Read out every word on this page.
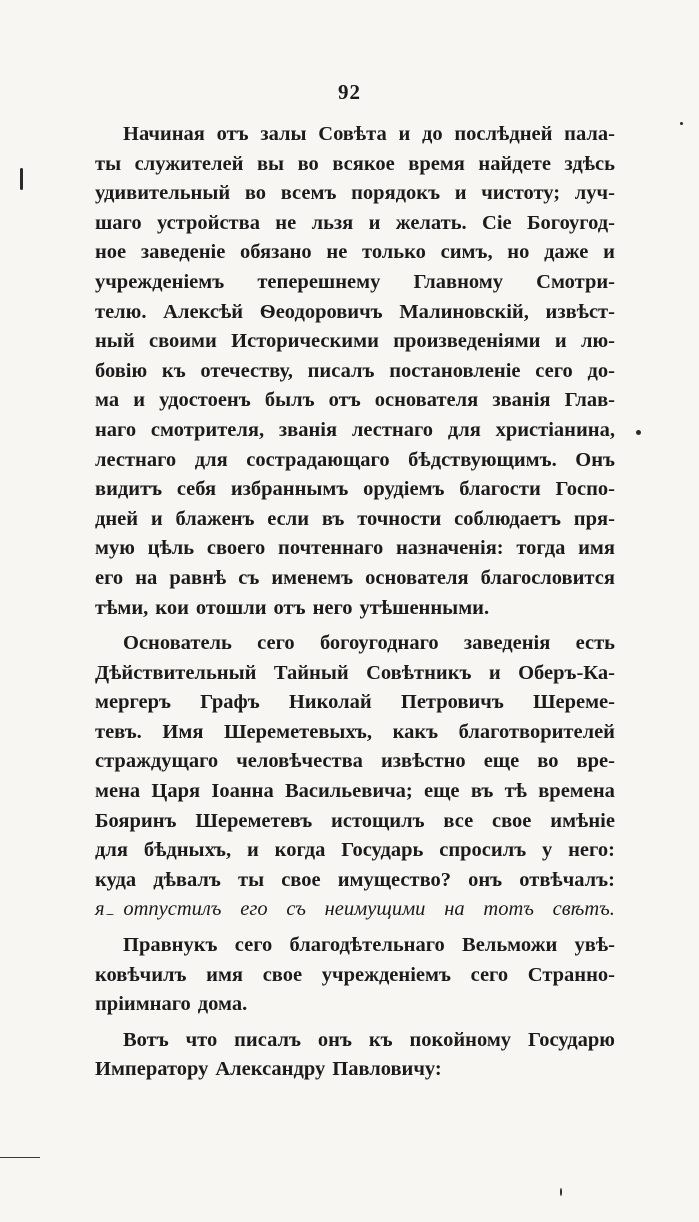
92
Начиная отъ залы Совѣта и до послѣдней пала-
ты служителей вы во всякое время найдете здѣсь
удивительный во всемъ порядокъ и чистоту; луч-
шаго устройства не льзя и желать. Сіе Богоугод-
ное заведеніе обязано не только симъ, но даже и
учрежденіемъ теперешнему Главному Смотри-
телю. Алексѣй Ѳеодоровичъ Малиновскій, извѣст-
ный своими Историческими произведеніями и лю-
бовію къ отечеству, писалъ постановленіе сего до-
ма и удостоенъ былъ отъ основателя званія Глав-
наго смотрителя, званія лестнаго для христіанина,
лестнаго для сострадающаго бѣдствующимъ. Онъ
видитъ себя избраннымъ орудіемъ благости Госпо-
дней и блаженъ если въ точности соблюдаетъ пря-
мую цѣль своего почтеннаго назначенія: тогда имя
его на равнѣ съ именемъ основателя благословится
тѣми, кои отошли отъ него утѣшенными.
Основатель сего богоугоднаго заведенія есть
Дѣйствительный Тайный Совѣтникъ и Оберъ-Ка-
мергеръ Графъ Николай Петровичъ Шереме-
тевъ. Имя Шереметевыхъ, какъ благотворителей
страждущаго человѣчества извѣстно еще во вре-
мена Царя Іоанна Васильевича; еще въ тѣ времена
Бояринъ Шереметевъ истощилъ все свое имѣніе
для бѣдныхъ, и когда Государь спросилъ у него:
куда дѣвалъ ты свое имущество? онъ отвѣчалъ:
я отпустилъ его съ неимущими на тотъ свѣтъ.
Правнукъ сего благодѣтельнаго Вельможи увѣ-
ковѣчилъ имя свое учрежденіемъ сего Странно-
пріимнаго дома.
Вотъ что писалъ онъ къ покойному Государю
Императору Александру Павловичу:
